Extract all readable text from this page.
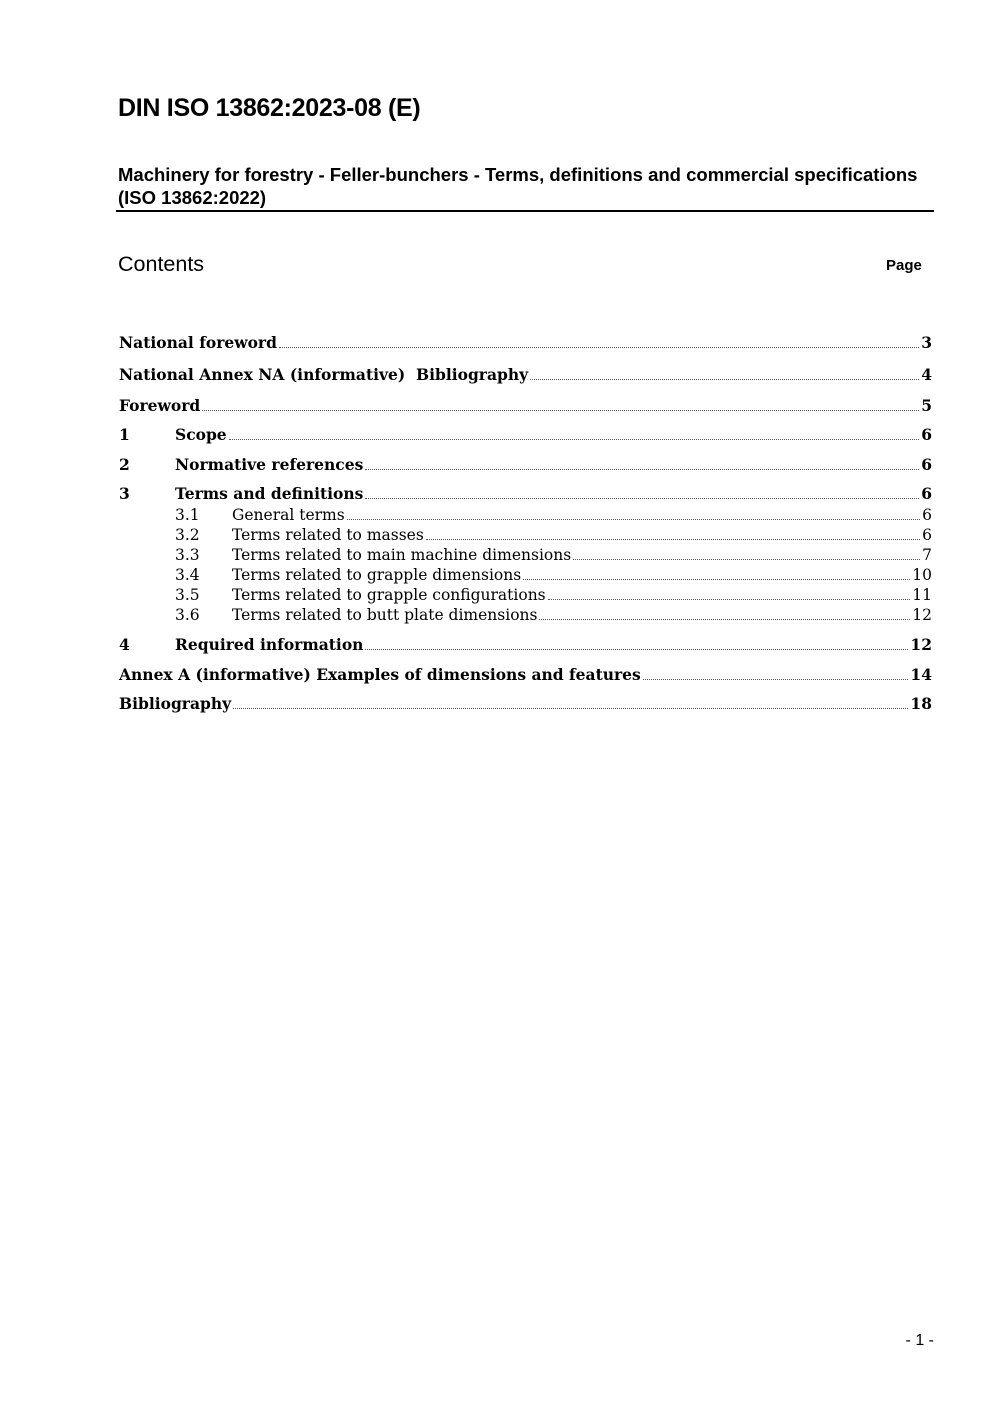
DIN ISO 13862:2023-08 (E)
Machinery for forestry - Feller-bunchers - Terms, definitions and commercial specifications (ISO 13862:2022)
Contents	Page
National foreword	3
National Annex NA (informative)  Bibliography	4
Foreword	5
1	Scope	6
2	Normative references	6
3	Terms and definitions	6
3.1	General terms	6
3.2	Terms related to masses	6
3.3	Terms related to main machine dimensions	7
3.4	Terms related to grapple dimensions	10
3.5	Terms related to grapple configurations	11
3.6	Terms related to butt plate dimensions	12
4	Required information	12
Annex A (informative) Examples of dimensions and features	14
Bibliography	18
- 1 -
